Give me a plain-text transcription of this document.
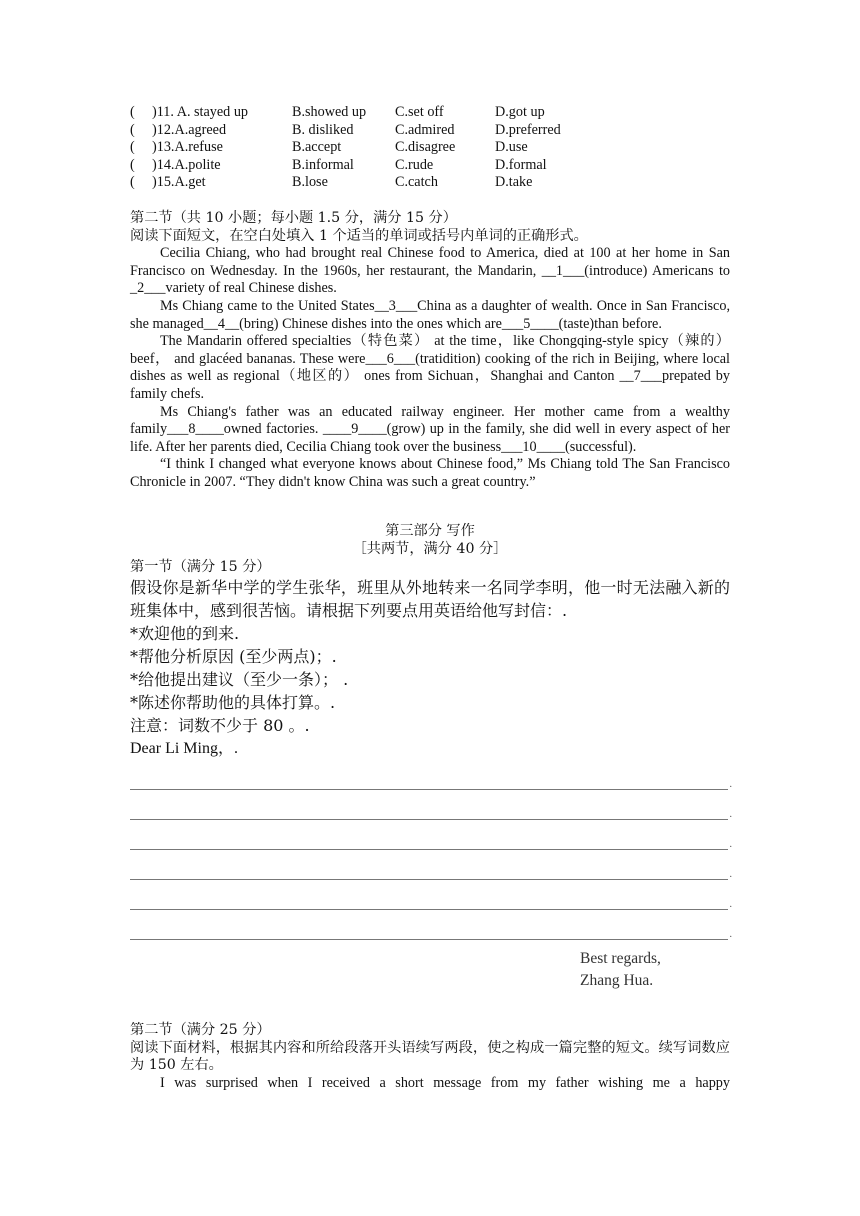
(	)11. A. stayed up	B.showed up	C.set off	D.got up
(	)12.A.agreed	B. disliked	C.admired	D.preferred
(	)13.A.refuse	B.accept	C.disagree	D.use
(	)14.A.polite	B.informal	C.rude	D.formal
(	)15.A.get	B.lose	C.catch	D.take

第二节（共 10 小题；每小题 1.5 分，满分 15 分）

阅读下面短文，在空白处填入 1 个适当的单词或括号内单词的正确形式。

Cecilia Chiang, who had brought real Chinese food to America, died at 100 at her home in San Francisco on Wednesday. In the 1960s, her restaurant, the Mandarin, __1___(introduce) Americans to _2___variety of real Chinese dishes.

Ms Chiang came to the United States__3___China as a daughter of wealth. Once in San Francisco, she managed__4__(bring) Chinese dishes into the ones which are___5____(taste)than before.

The Mandarin offered specialties（特色菜） at the time，like Chongqing-style spicy（辣的） beef， and glacéed bananas. These were___6___(tratidition) cooking of the rich in Beijing, where local dishes as well as regional（地区的） ones from Sichuan，Shanghai and Canton __7___prepated by family chefs.

Ms Chiang's father was an educated railway engineer. Her mother came from a wealthy family___8____owned factories. ____9____(grow) up in the family, she did well in every aspect of her life. After her parents died, Cecilia Chiang took over the business___10____(successful).

“I think I changed what everyone knows about Chinese food,” Ms Chiang told The San Francisco Chronicle in 2007. “They didn't know China was such a great country.”

第三部分 写作

［共两节，满分 40 分］

第一节（满分 15 分）

假设你是新华中学的学生张华，班里从外地转来一名同学李明，他一时无法融入新的班集体中，感到很苦恼。请根据下列要点用英语给他写封信：.

*欢迎他的到来.

*帮他分析原因 (至少两点)；.

*给他提出建议（至少一条）； .

*陈述你帮助他的具体打算。.

注意：词数不少于 80 。.

Dear Li Ming，.

.
.
.
.
.
.

Best regards,

Zhang Hua.

第二节（满分 25 分）

阅读下面材料，根据其内容和所给段落开头语续写两段，使之构成一篇完整的短文。续写词数应为 150 左右。

I was surprised when I received a short message from my father wishing me a happy
